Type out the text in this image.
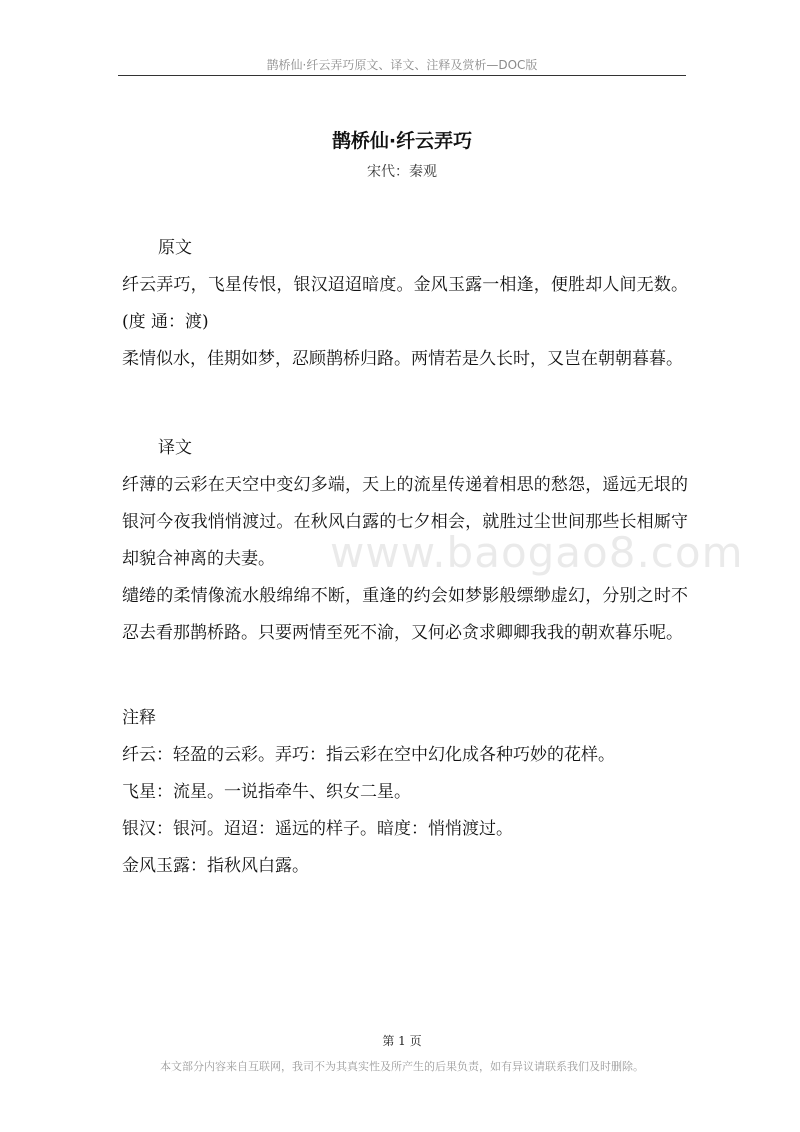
鹊桥仙·纤云弄巧原文、译文、注释及赏析—DOC版
鹊桥仙·纤云弄巧
宋代：秦观
www.baogao8.com
原文

纤云弄巧，飞星传恨，银汉迢迢暗度。金风玉露一相逢，便胜却人间无数。(度 通：渡)

柔情似水，佳期如梦，忍顾鹊桥归路。两情若是久长时，又岂在朝朝暮暮。

译文

纤薄的云彩在天空中变幻多端，天上的流星传递着相思的愁怨，遥远无垠的银河今夜我悄悄渡过。在秋风白露的七夕相会，就胜过尘世间那些长相厮守却貌合神离的夫妻。

缱绻的柔情像流水般绵绵不断，重逢的约会如梦影般缥缈虚幻，分别之时不忍去看那鹊桥路。只要两情至死不渝，又何必贪求卿卿我我的朝欢暮乐呢。

注释

纤云：轻盈的云彩。弄巧：指云彩在空中幻化成各种巧妙的花样。

飞星：流星。一说指牵牛、织女二星。

银汉：银河。迢迢：遥远的样子。暗度：悄悄渡过。

金风玉露：指秋风白露。

第 1 页
本文部分内容来自互联网，我司不为其真实性及所产生的后果负责，如有异议请联系我们及时删除。
